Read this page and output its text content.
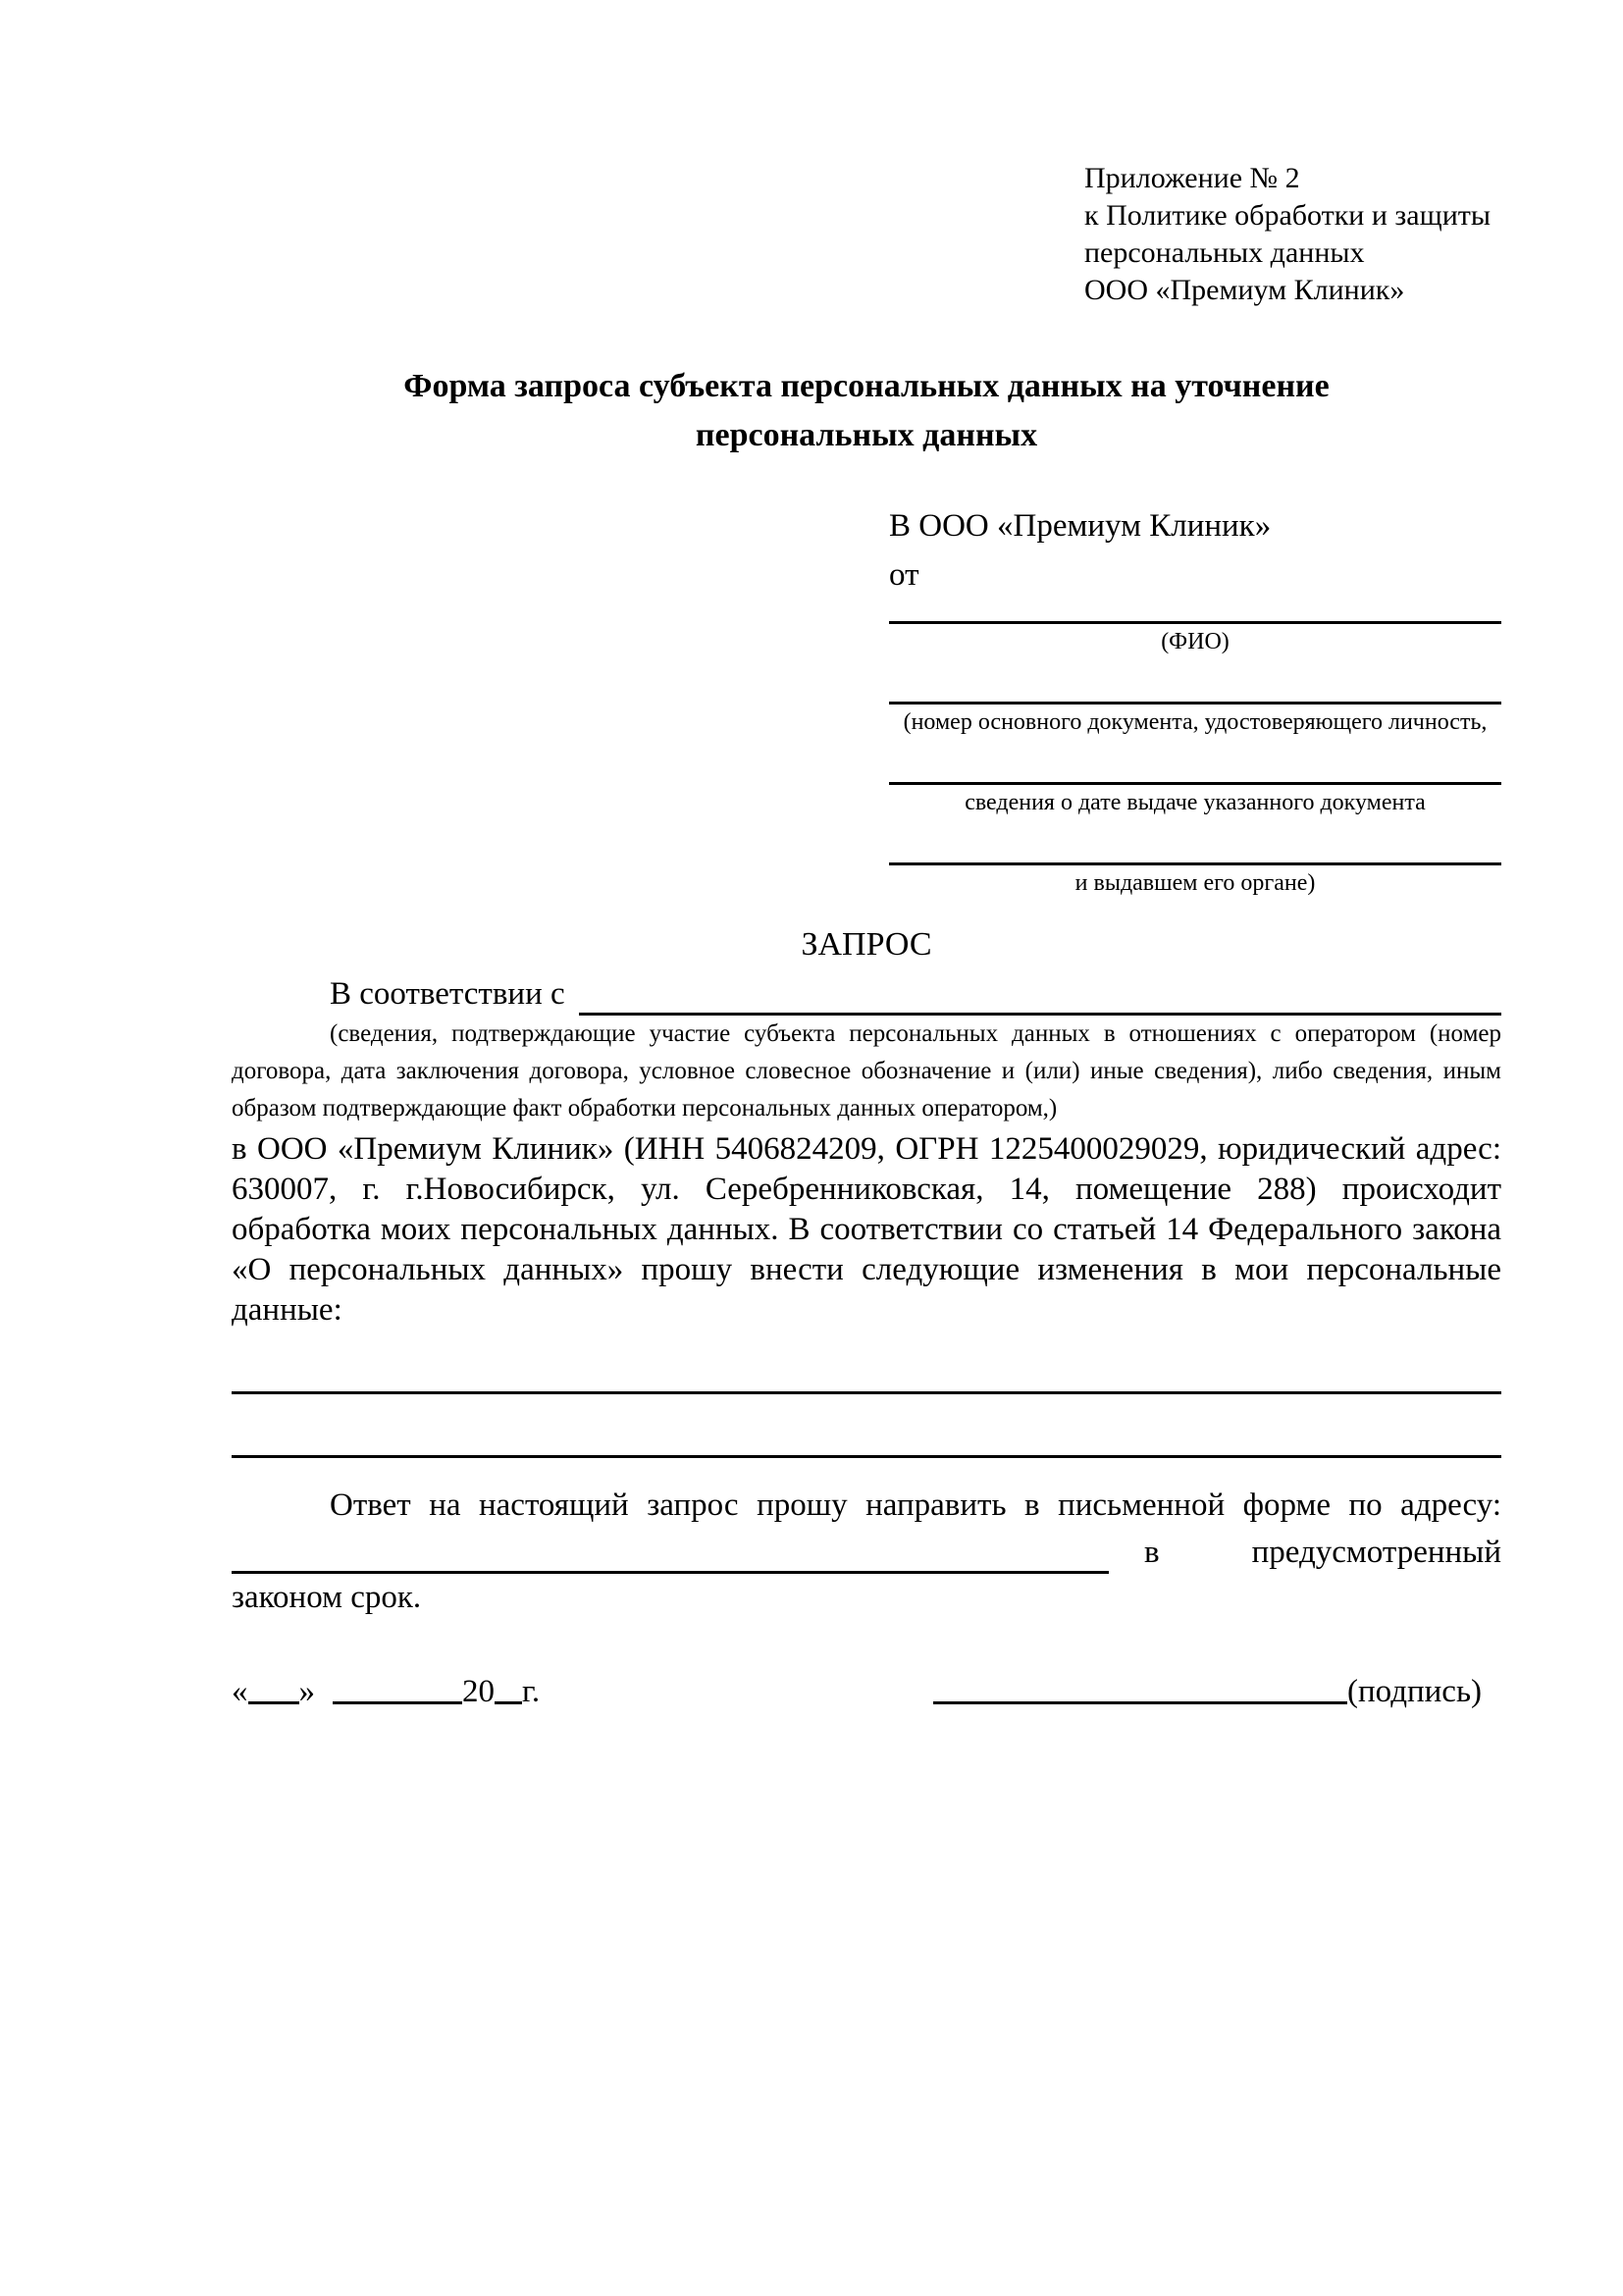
Приложение № 2
к Политике обработки и защиты
персональных данных
ООО «Премиум Клиник»
Форма запроса субъекта персональных данных на уточнение
персональных данных
В ООО «Премиум Клиник»
от
(ФИО)
(номер основного документа, удостоверяющего личность,
сведения о дате выдаче указанного документа
и выдавшем его органе)
ЗАПРОС
В соответствии с
(сведения, подтверждающие участие субъекта персональных данных в отношениях с оператором (номер договора, дата заключения договора, условное словесное обозначение и (или) иные сведения), либо сведения, иным образом подтверждающие факт обработки персональных данных оператором,)
в ООО «Премиум Клиник» (ИНН 5406824209, ОГРН 1225400029029, юридический адрес: 630007, г. г.Новосибирск, ул. Серебренниковская, 14, помещение 288) происходит обработка моих персональных данных. В соответствии со статьей 14 Федерального закона «О персональных данных» прошу внести следующие изменения в мои персональные данные:
Ответ на настоящий запрос прошу направить в письменной форме по адресу:
в	предусмотренный
законом срок.
« »	20 г.	(подпись)
